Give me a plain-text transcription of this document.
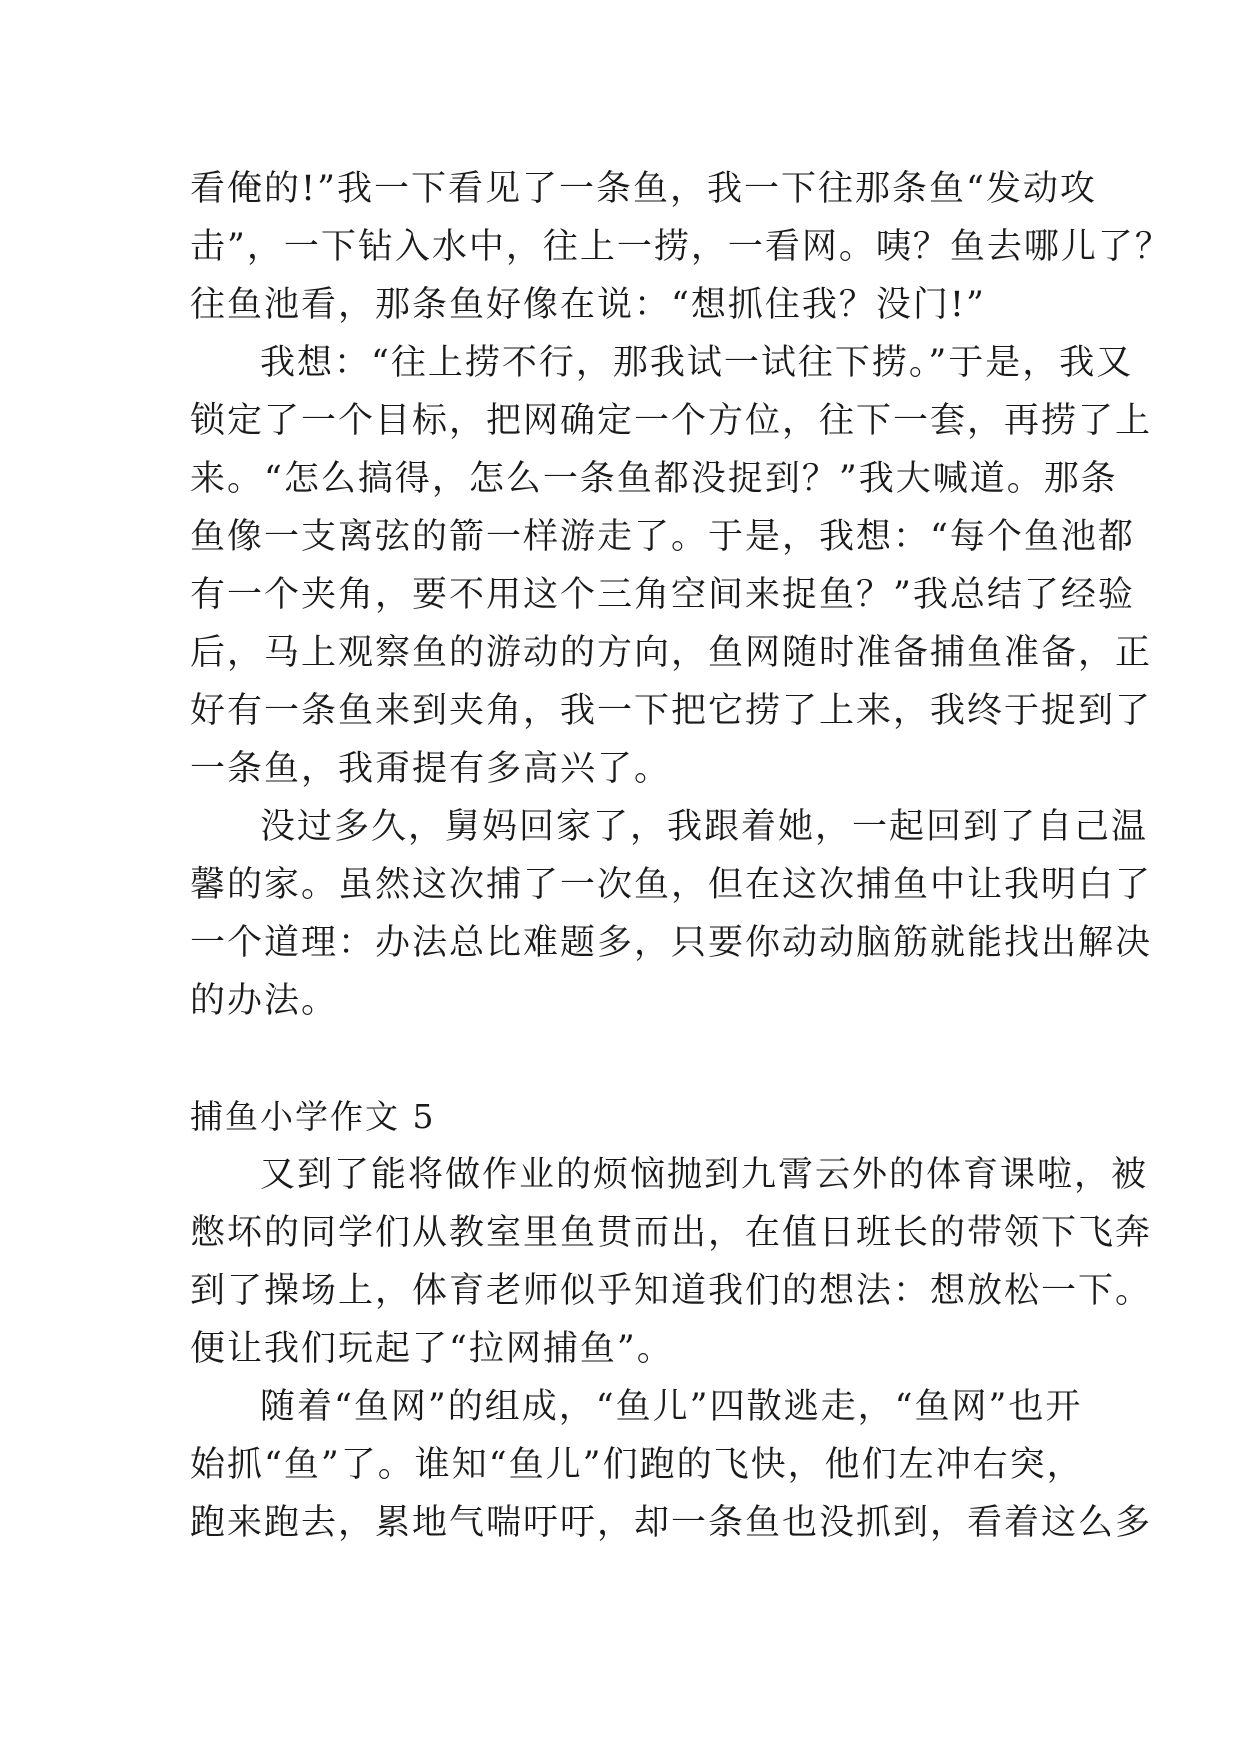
看俺的!”我一下看见了一条鱼，我一下往那条鱼“发动攻
击”，一下钻入水中，往上一捞，一看网。咦？鱼去哪儿了？
往鱼池看，那条鱼好像在说：“想抓住我？没门!”
我想：“往上捞不行，那我试一试往下捞。”于是，我又
锁定了一个目标，把网确定一个方位，往下一套，再捞了上
来。“怎么搞得，怎么一条鱼都没捉到？”我大喊道。那条
鱼像一支离弦的箭一样游走了。于是，我想：“每个鱼池都
有一个夹角，要不用这个三角空间来捉鱼？”我总结了经验
后，马上观察鱼的游动的方向，鱼网随时准备捕鱼准备，正
好有一条鱼来到夹角，我一下把它捞了上来，我终于捉到了
一条鱼，我甭提有多高兴了。
没过多久，舅妈回家了，我跟着她，一起回到了自己温
馨的家。虽然这次捕了一次鱼，但在这次捕鱼中让我明白了
一个道理：办法总比难题多，只要你动动脑筋就能找出解决
的办法。
捕鱼小学作文 5
又到了能将做作业的烦恼抛到九霄云外的体育课啦，被
憋坏的同学们从教室里鱼贯而出，在值日班长的带领下飞奔
到了操场上，体育老师似乎知道我们的想法：想放松一下。
便让我们玩起了“拉网捕鱼”。
随着“鱼网”的组成，“鱼儿”四散逃走，“鱼网”也开
始抓“鱼”了。谁知“鱼儿”们跑的飞快，他们左冲右突，
跑来跑去，累地气喘吁吁，却一条鱼也没抓到，看着这么多
